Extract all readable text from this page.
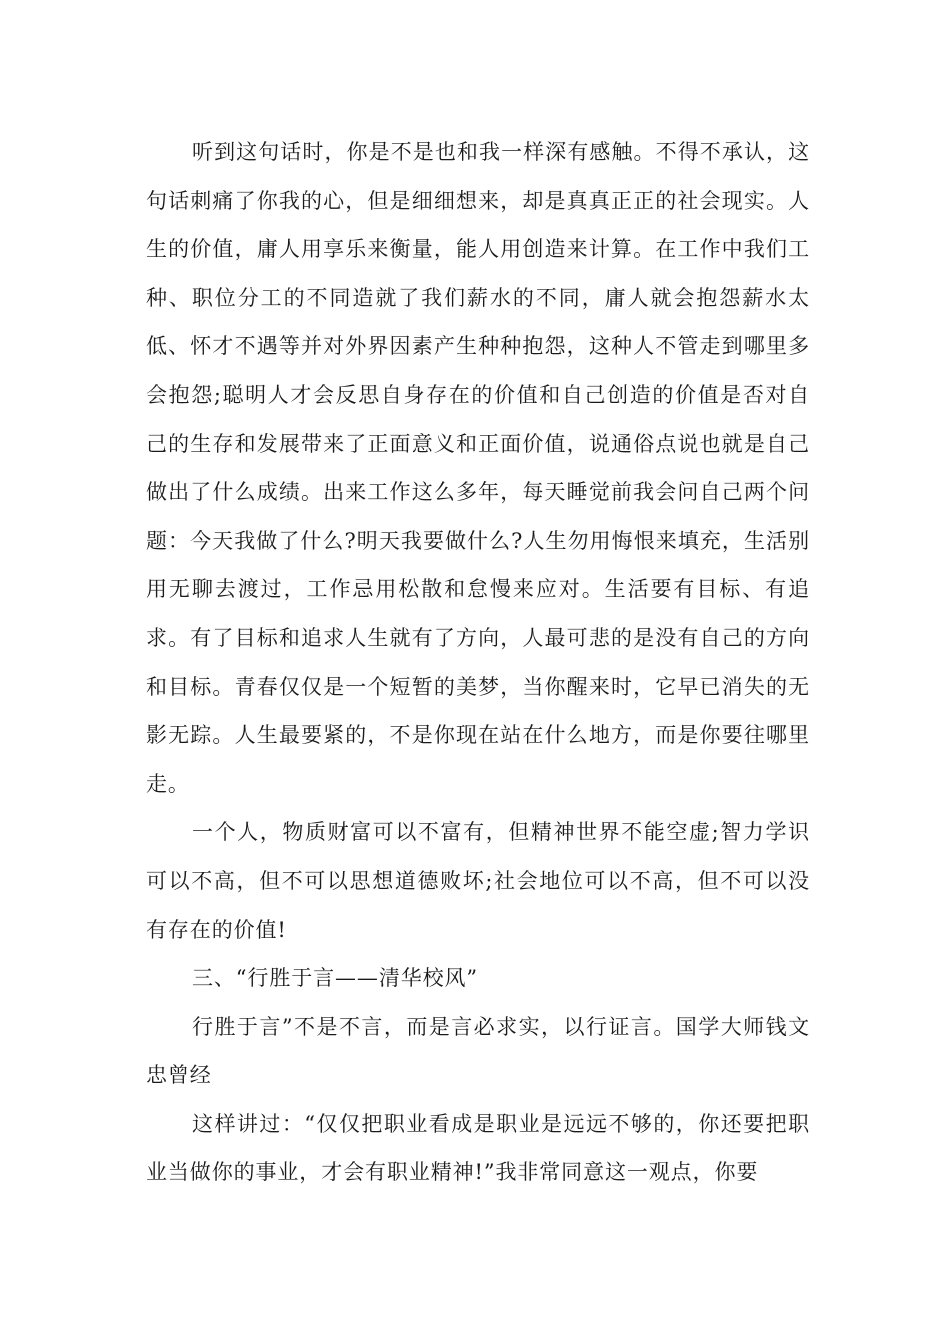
听到这句话时，你是不是也和我一样深有感触。不得不承认，这句话刺痛了你我的心，但是细细想来，却是真真正正的社会现实。人生的价值，庸人用享乐来衡量，能人用创造来计算。在工作中我们工种、职位分工的不同造就了我们薪水的不同，庸人就会抱怨薪水太低、怀才不遇等并对外界因素产生种种抱怨，这种人不管走到哪里多会抱怨;聪明人才会反思自身存在的价值和自己创造的价值是否对自己的生存和发展带来了正面意义和正面价值，说通俗点说也就是自己做出了什么成绩。出来工作这么多年，每天睡觉前我会问自己两个问题：今天我做了什么?明天我要做什么?人生勿用悔恨来填充，生活别用无聊去渡过，工作忌用松散和怠慢来应对。生活要有目标、有追求。有了目标和追求人生就有了方向，人最可悲的是没有自己的方向和目标。青春仅仅是一个短暂的美梦，当你醒来时，它早已消失的无影无踪。人生最要紧的，不是你现在站在什么地方，而是你要往哪里走。

一个人，物质财富可以不富有，但精神世界不能空虚;智力学识可以不高，但不可以思想道德败坏;社会地位可以不高，但不可以没有存在的价值!

三、“行胜于言——清华校风”

行胜于言”不是不言，而是言必求实，以行证言。国学大师钱文忠曾经

这样讲过：“仅仅把职业看成是职业是远远不够的，你还要把职业当做你的事业，才会有职业精神!”我非常同意这一观点，你要
